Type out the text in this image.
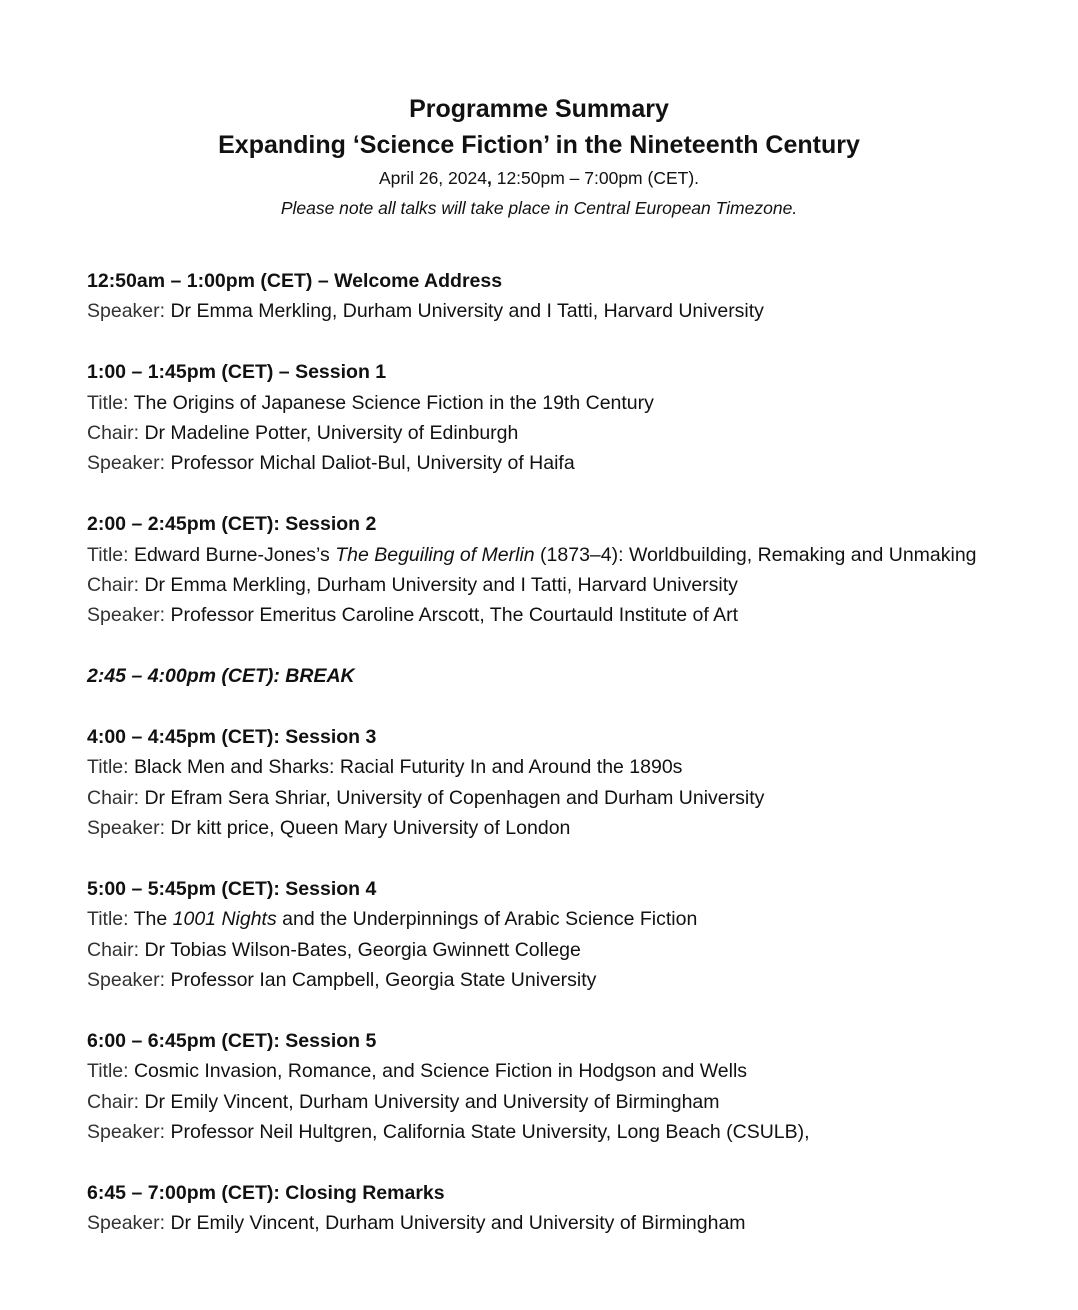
Programme Summary

Expanding ‘Science Fiction’ in the Nineteenth Century

April 26, 2024, 12:50pm – 7:00pm (CET).

Please note all talks will take place in Central European Timezone.

12:50am – 1:00pm (CET) – Welcome Address

Speaker: Dr Emma Merkling, Durham University and I Tatti, Harvard University

1:00 – 1:45pm (CET) – Session 1

Title: The Origins of Japanese Science Fiction in the 19th Century

Chair: Dr Madeline Potter, University of Edinburgh

Speaker: Professor Michal Daliot-Bul, University of Haifa

2:00 – 2:45pm (CET): Session 2

Title: Edward Burne-Jones’s The Beguiling of Merlin (1873–4): Worldbuilding, Remaking and Unmaking

Chair: Dr Emma Merkling, Durham University and I Tatti, Harvard University

Speaker: Professor Emeritus Caroline Arscott, The Courtauld Institute of Art

2:45 – 4:00pm (CET): BREAK

4:00 – 4:45pm (CET): Session 3

Title: Black Men and Sharks: Racial Futurity In and Around the 1890s

Chair: Dr Efram Sera Shriar, University of Copenhagen and Durham University

Speaker: Dr kitt price, Queen Mary University of London

5:00 – 5:45pm (CET): Session 4

Title: The 1001 Nights and the Underpinnings of Arabic Science Fiction

Chair: Dr Tobias Wilson-Bates, Georgia Gwinnett College

Speaker: Professor Ian Campbell, Georgia State University

6:00 – 6:45pm (CET): Session 5

Title: Cosmic Invasion, Romance, and Science Fiction in Hodgson and Wells

Chair: Dr Emily Vincent, Durham University and University of Birmingham

Speaker: Professor Neil Hultgren, California State University, Long Beach (CSULB),

6:45 – 7:00pm (CET): Closing Remarks

Speaker: Dr Emily Vincent, Durham University and University of Birmingham
